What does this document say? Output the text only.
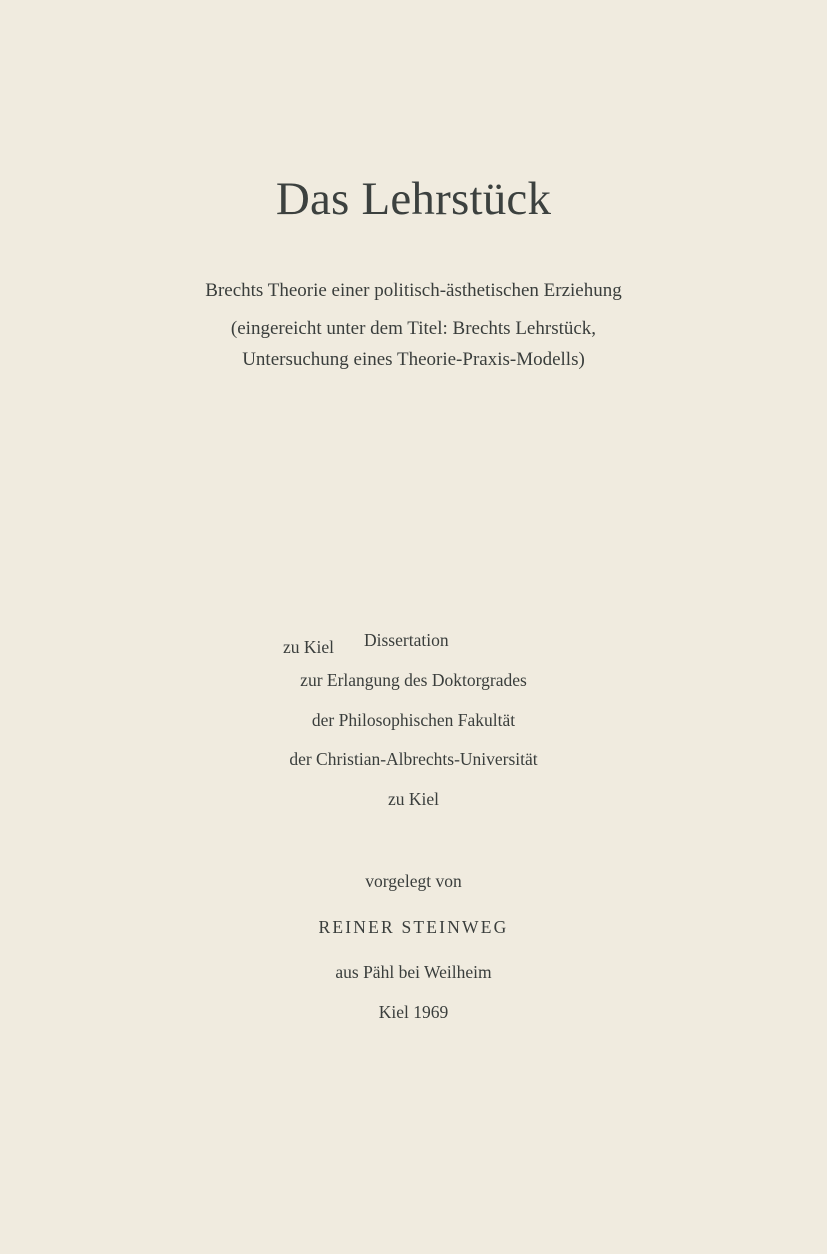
Das Lehrstück
Brechts Theorie einer politisch-ästhetischen Erziehung
(eingereicht unter dem Titel: Brechts Lehrstück,
Untersuchung eines Theorie-Praxis-Modells)
zu Kiel Dissertation
zur Erlangung des Doktorgrades
der Philosophischen Fakultät
der Christian-Albrechts-Universität
zu Kiel
vorgelegt von
REINER STEINWEG
aus Pähl bei Weilheim
Kiel 1969
